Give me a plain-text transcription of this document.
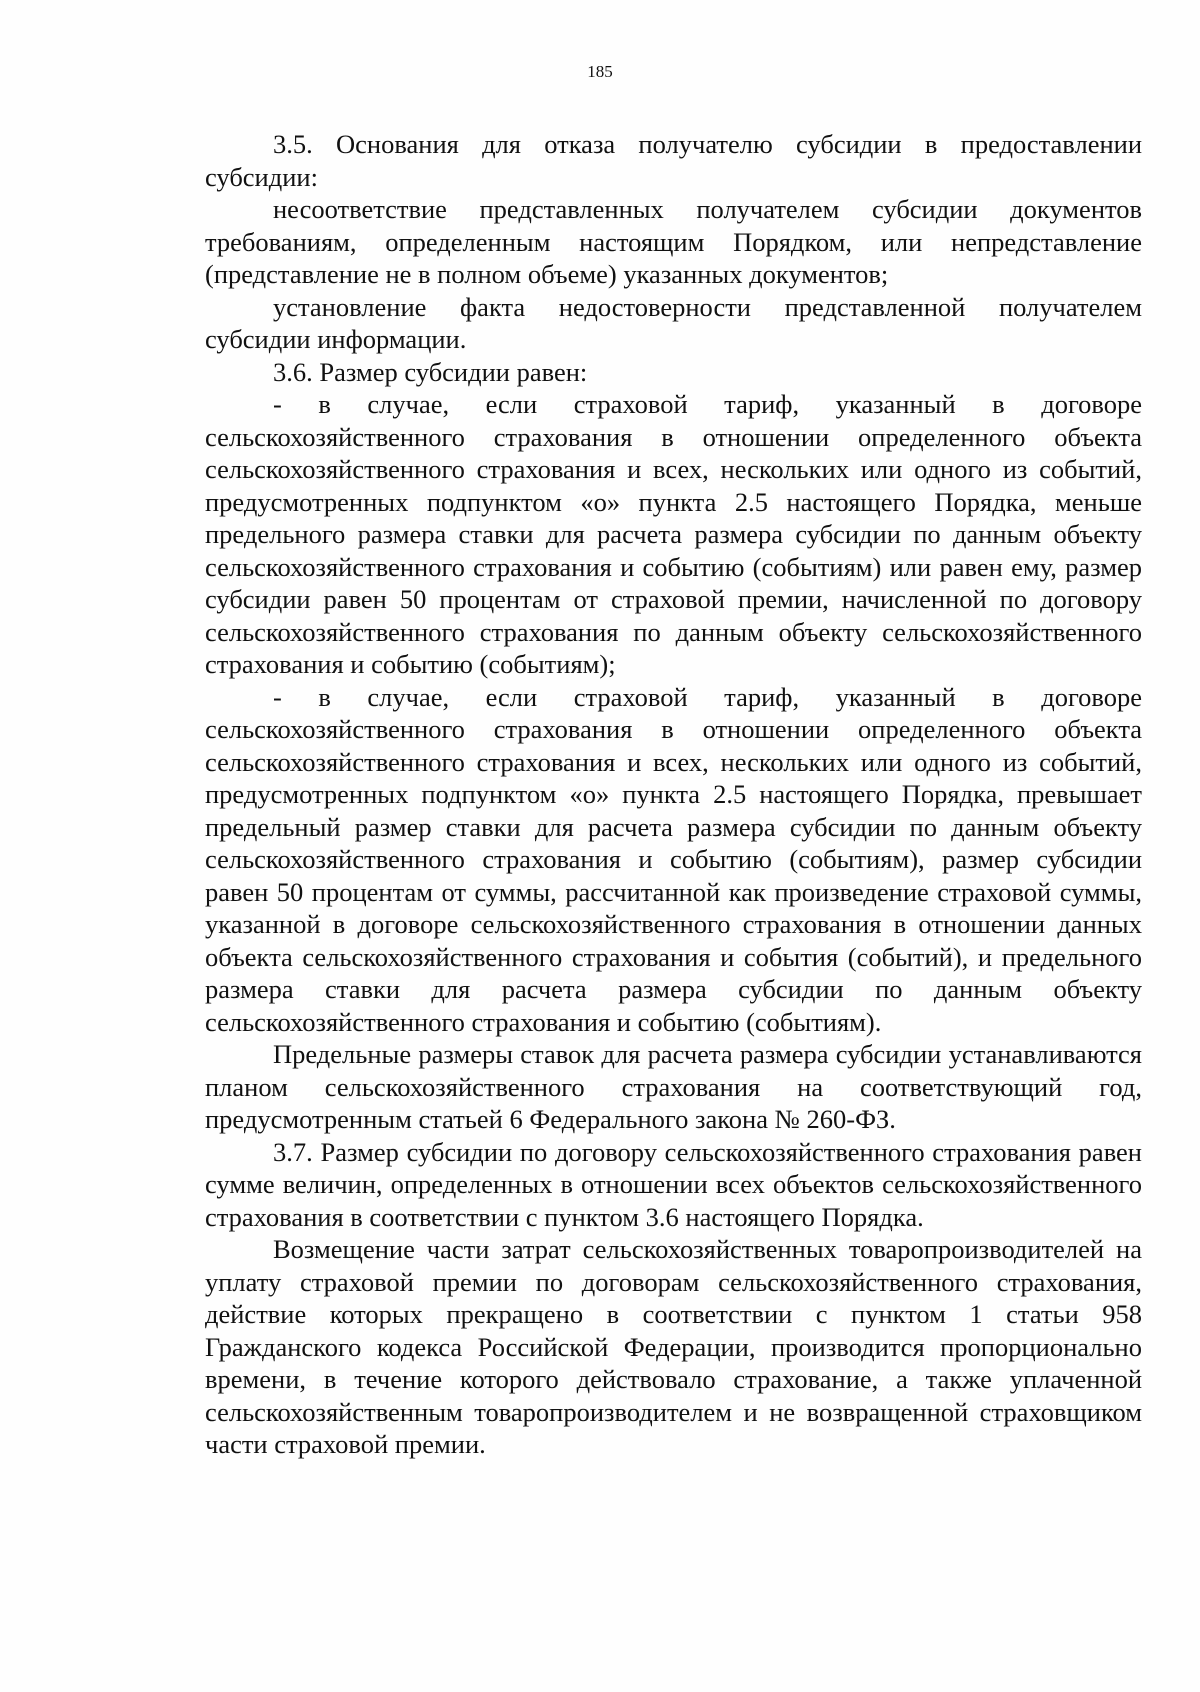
185

3.5. Основания для отказа получателю субсидии в предоставлении субсидии:

несоответствие представленных получателем субсидии документов требованиям, определенным настоящим Порядком, или непредставление (представление не в полном объеме) указанных документов;

установление факта недостоверности представленной получателем субсидии информации.

3.6. Размер субсидии равен:

- в случае, если страховой тариф, указанный в договоре сельскохозяйственного страхования в отношении определенного объекта сельскохозяйственного страхования и всех, нескольких или одного из событий, предусмотренных подпунктом «о» пункта 2.5 настоящего Порядка, меньше предельного размера ставки для расчета размера субсидии по данным объекту сельскохозяйственного страхования и событию (событиям) или равен ему, размер субсидии равен 50 процентам от страховой премии, начисленной по договору сельскохозяйственного страхования по данным объекту сельскохозяйственного страхования и событию (событиям);

- в случае, если страховой тариф, указанный в договоре сельскохозяйственного страхования в отношении определенного объекта сельскохозяйственного страхования и всех, нескольких или одного из событий, предусмотренных подпунктом «о» пункта 2.5 настоящего Порядка, превышает предельный размер ставки для расчета размера субсидии по данным объекту сельскохозяйственного страхования и событию (событиям), размер субсидии равен 50 процентам от суммы, рассчитанной как произведение страховой суммы, указанной в договоре сельскохозяйственного страхования в отношении данных объекта сельскохозяйственного страхования и события (событий), и предельного размера ставки для расчета размера субсидии по данным объекту сельскохозяйственного страхования и событию (событиям).

Предельные размеры ставок для расчета размера субсидии устанавливаются планом сельскохозяйственного страхования на соответствующий год, предусмотренным статьей 6 Федерального закона № 260-ФЗ.

3.7. Размер субсидии по договору сельскохозяйственного страхования равен сумме величин, определенных в отношении всех объектов сельскохозяйственного страхования в соответствии с пунктом 3.6 настоящего Порядка.

Возмещение части затрат сельскохозяйственных товаропроизводителей на уплату страховой премии по договорам сельскохозяйственного страхования, действие которых прекращено в соответствии с пунктом 1 статьи 958 Гражданского кодекса Российской Федерации, производится пропорционально времени, в течение которого действовало страхование, а также уплаченной сельскохозяйственным товаропроизводителем и не возвращенной страховщиком части страховой премии.
